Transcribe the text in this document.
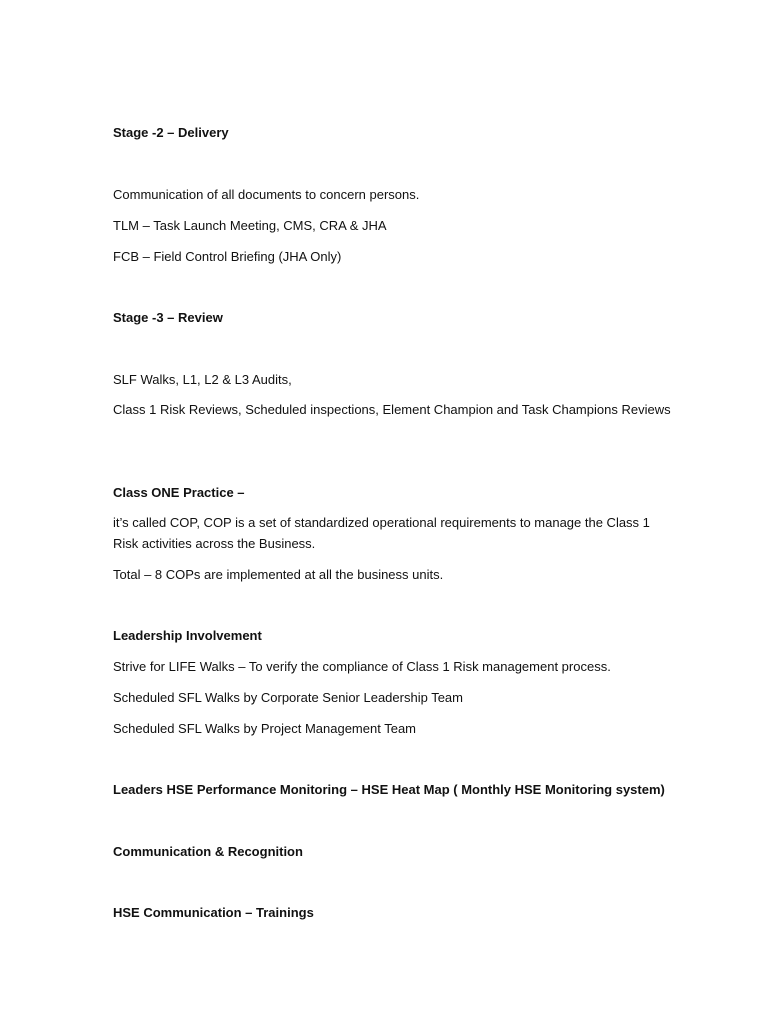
Stage -2 – Delivery
Communication of all documents to concern persons.
TLM – Task Launch Meeting, CMS, CRA & JHA
FCB – Field Control Briefing (JHA Only)
Stage -3 – Review
SLF Walks, L1, L2 & L3 Audits,
Class 1 Risk Reviews, Scheduled inspections, Element Champion and Task Champions Reviews
Class ONE Practice –
it’s called COP, COP is a set of standardized operational requirements to manage the Class 1 Risk activities across the Business.
Total – 8 COPs are implemented at all the business units.
Leadership Involvement
Strive for LIFE Walks – To verify the compliance of Class 1 Risk management process.
Scheduled SFL Walks by Corporate Senior Leadership Team
Scheduled SFL Walks by Project Management Team
Leaders HSE Performance Monitoring – HSE Heat Map ( Monthly HSE Monitoring system)
Communication & Recognition
HSE Communication – Trainings
